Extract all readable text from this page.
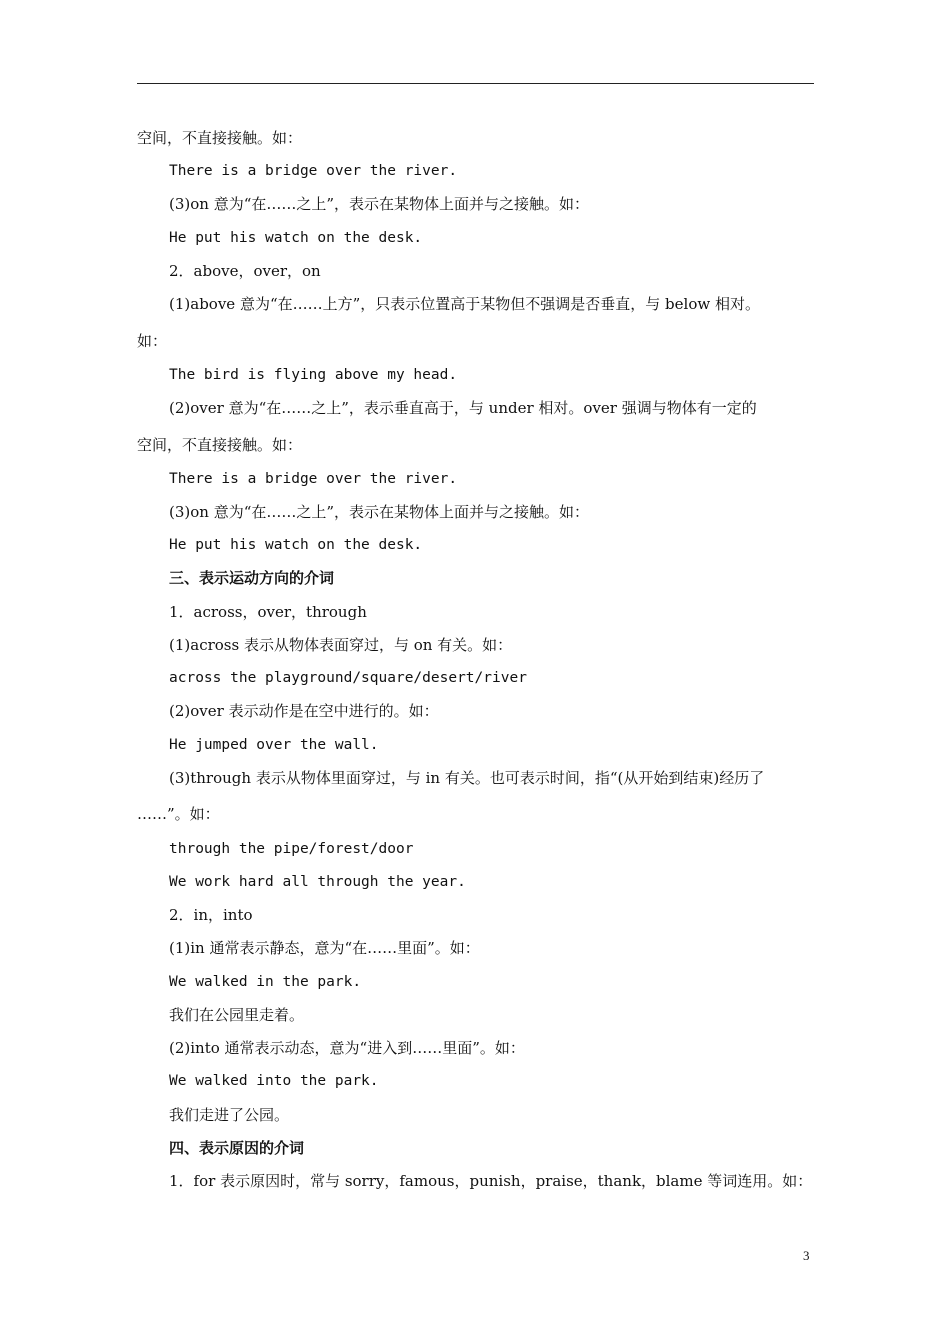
空间，不直接接触。如：
There is a bridge over the river.
(3)on 意为“在……之上”，表示在某物体上面并与之接触。如：
He put his watch on the desk.
2．above，over，on
(1)above 意为“在……上方”，只表示位置高于某物但不强调是否垂直，与 below 相对。
如：
The bird is flying above my head.
(2)over 意为“在……之上”，表示垂直高于，与 under 相对。over 强调与物体有一定的
空间，不直接接触。如：
There is a bridge over the river.
(3)on 意为“在……之上”，表示在某物体上面并与之接触。如：
He put his watch on the desk.
三、表示运动方向的介词
1．across，over，through
(1)across 表示从物体表面穿过，与 on 有关。如：
across the playground/square/desert/river
(2)over 表示动作是在空中进行的。如：
He jumped over the wall.
(3)through 表示从物体里面穿过，与 in 有关。也可表示时间，指“(从开始到结束)经历了
……”。如：
through the pipe/forest/door
We work hard all through the year.
2．in，into
(1)in 通常表示静态，意为“在……里面”。如：
We walked in the park.
我们在公园里走着。
(2)into 通常表示动态，意为“进入到……里面”。如：
We walked into the park.
我们走进了公园。
四、表示原因的介词
1．for 表示原因时，常与 sorry，famous，punish，praise，thank，blame 等词连用。如：
3
